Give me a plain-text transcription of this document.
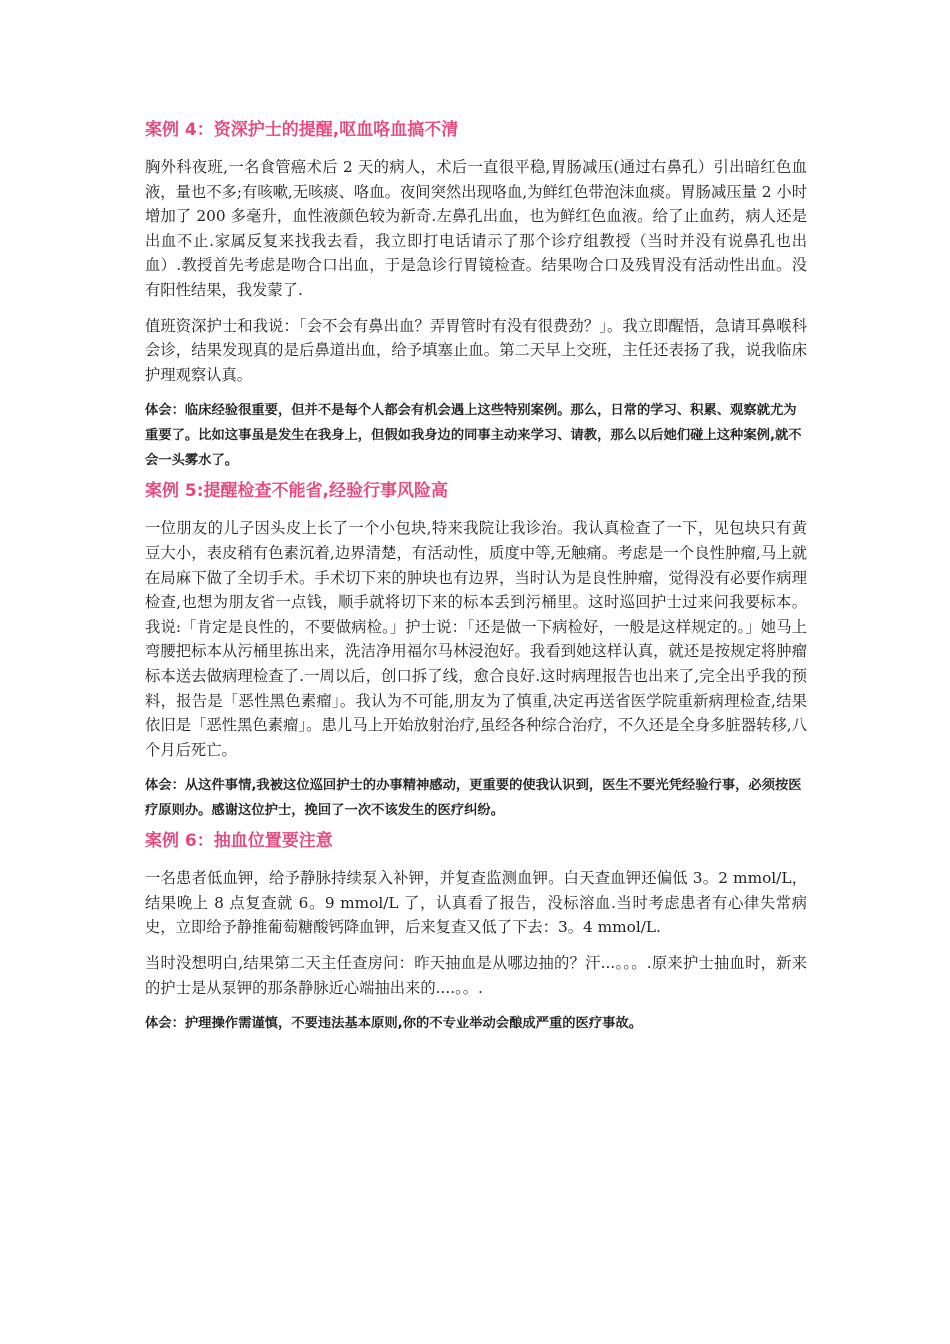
案例 4：资深护士的提醒,呕血咯血搞不清

胸外科夜班,一名食管癌术后 2 天的病人，术后一直很平稳,胃肠减压(通过右鼻孔）引出暗红色血液，量也不多;有咳嗽,无咳痰、咯血。夜间突然出现咯血,为鲜红色带泡沫血痰。胃肠减压量 2 小时增加了 200 多毫升，血性液颜色较为新奇.左鼻孔出血，也为鲜红色血液。给了止血药，病人还是出血不止.家属反复来找我去看，我立即打电话请示了那个诊疗组教授（当时并没有说鼻孔也出血）.教授首先考虑是吻合口出血，于是急诊行胃镜检查。结果吻合口及残胃没有活动性出血。没有阳性结果，我发蒙了.

值班资深护士和我说：「会不会有鼻出血？弄胃管时有没有很费劲？」。我立即醒悟，急请耳鼻喉科会诊，结果发现真的是后鼻道出血，给予填塞止血。第二天早上交班，主任还表扬了我，说我临床护理观察认真。

体会：临床经验很重要，但并不是每个人都会有机会遇上这些特别案例。那么，日常的学习、积累、观察就尤为重要了。比如这事虽是发生在我身上，但假如我身边的同事主动来学习、请教，那么以后她们碰上这种案例,就不会一头雾水了。

案例 5:提醒检查不能省,经验行事风险高

一位朋友的儿子因头皮上长了一个小包块,特来我院让我诊治。我认真检查了一下，见包块只有黄豆大小，表皮稍有色素沉着,边界清楚，有活动性，质度中等,无触痛。考虑是一个良性肿瘤,马上就在局麻下做了全切手术。手术切下来的肿块也有边界，当时认为是良性肿瘤，觉得没有必要作病理检查,也想为朋友省一点钱，顺手就将切下来的标本丢到污桶里。这时巡回护士过来问我要标本。我说:「肯定是良性的，不要做病检。」护士说：「还是做一下病检好，一般是这样规定的。」她马上弯腰把标本从污桶里拣出来，洗洁净用福尔马林浸泡好。我看到她这样认真，就还是按规定将肿瘤标本送去做病理检查了.一周以后，创口拆了线，愈合良好.这时病理报告也出来了,完全出乎我的预料，报告是「恶性黑色素瘤」。我认为不可能,朋友为了慎重,决定再送省医学院重新病理检查,结果依旧是「恶性黑色素瘤」。患儿马上开始放射治疗,虽经各种综合治疗，不久还是全身多脏器转移,八个月后死亡。

体会：从这件事情,我被这位巡回护士的办事精神感动，更重要的使我认识到，医生不要光凭经验行事，必须按医疗原则办。感谢这位护士，挽回了一次不该发生的医疗纠纷。

案例 6：抽血位置要注意

一名患者低血钾，给予静脉持续泵入补钾，并复查监测血钾。白天查血钾还偏低 3。2 mmol/L，结果晚上 8 点复查就 6。9 mmol/L 了，认真看了报告，没标溶血.当时考虑患者有心律失常病史，立即给予静推葡萄糖酸钙降血钾，后来复查又低了下去：3。4 mmol/L.

当时没想明白,结果第二天主任查房问：昨天抽血是从哪边抽的？汗...。。。.原来护士抽血时，新来的护士是从泵钾的那条静脉近心端抽出来的....。。.

体会：护理操作需谨慎，不要违法基本原则,你的不专业举动会酿成严重的医疗事故。
